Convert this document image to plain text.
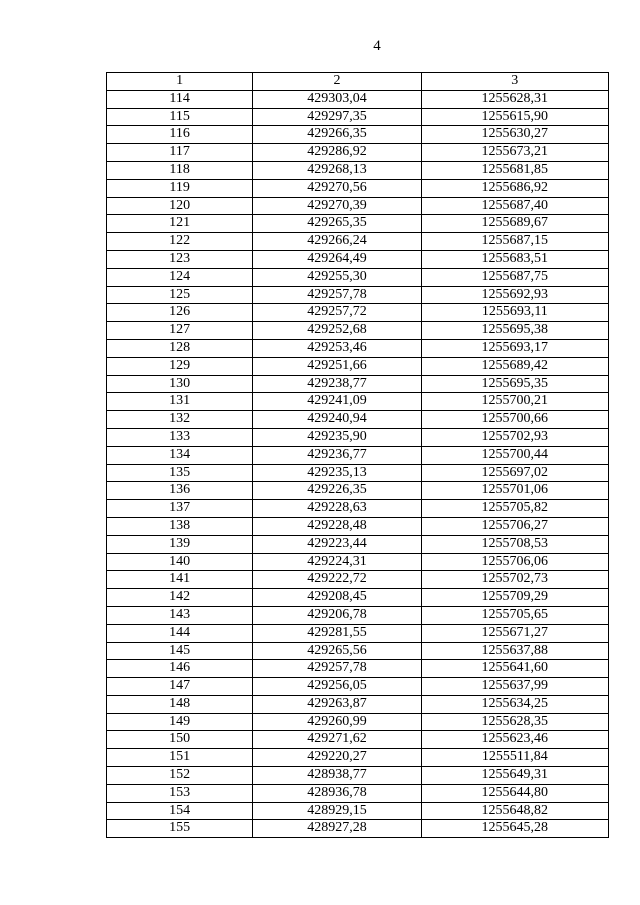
4
1	2	3
114	429303,04	1255628,31
115	429297,35	1255615,90
116	429266,35	1255630,27
117	429286,92	1255673,21
118	429268,13	1255681,85
119	429270,56	1255686,92
120	429270,39	1255687,40
121	429265,35	1255689,67
122	429266,24	1255687,15
123	429264,49	1255683,51
124	429255,30	1255687,75
125	429257,78	1255692,93
126	429257,72	1255693,11
127	429252,68	1255695,38
128	429253,46	1255693,17
129	429251,66	1255689,42
130	429238,77	1255695,35
131	429241,09	1255700,21
132	429240,94	1255700,66
133	429235,90	1255702,93
134	429236,77	1255700,44
135	429235,13	1255697,02
136	429226,35	1255701,06
137	429228,63	1255705,82
138	429228,48	1255706,27
139	429223,44	1255708,53
140	429224,31	1255706,06
141	429222,72	1255702,73
142	429208,45	1255709,29
143	429206,78	1255705,65
144	429281,55	1255671,27
145	429265,56	1255637,88
146	429257,78	1255641,60
147	429256,05	1255637,99
148	429263,87	1255634,25
149	429260,99	1255628,35
150	429271,62	1255623,46
151	429220,27	1255511,84
152	428938,77	1255649,31
153	428936,78	1255644,80
154	428929,15	1255648,82
155	428927,28	1255645,28
